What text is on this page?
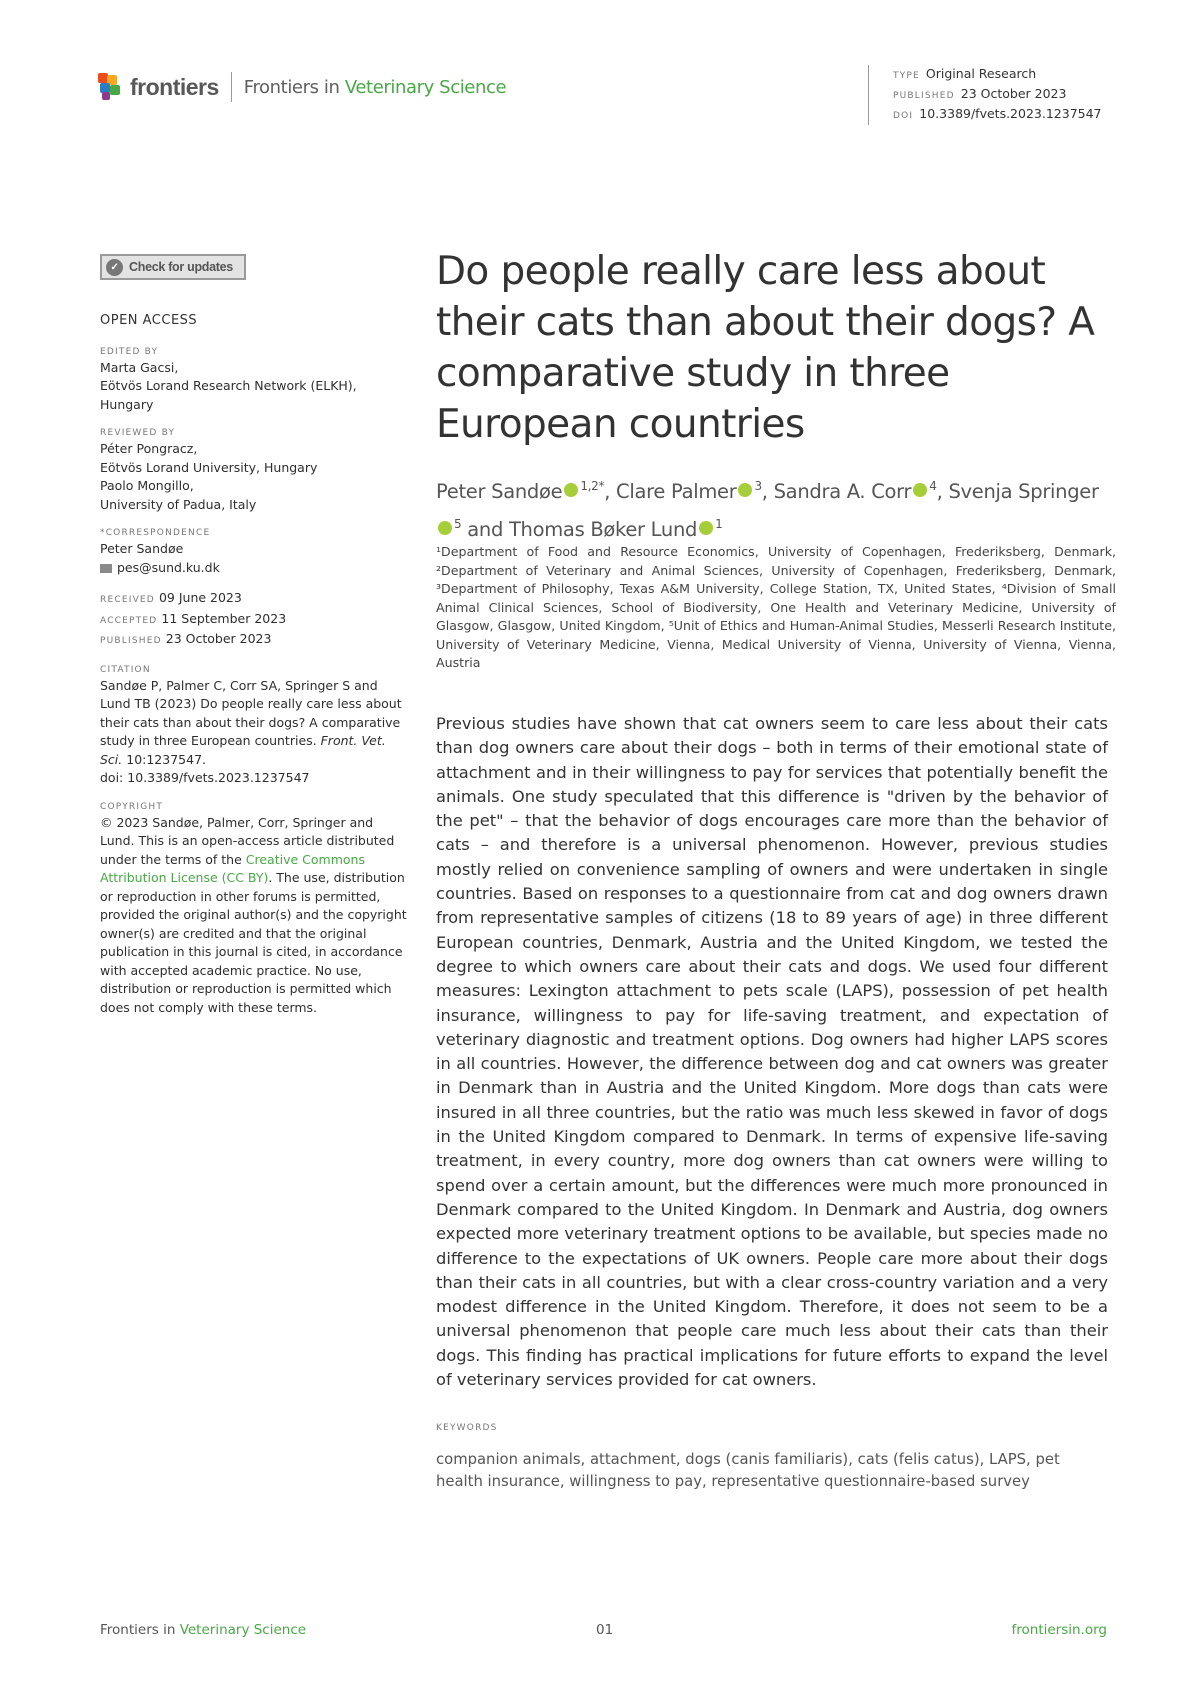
frontiers Frontiers in Veterinary Science
TYPE Original Research
PUBLISHED 23 October 2023
DOI 10.3389/fvets.2023.1237547
✓ Check for updates
OPEN ACCESS
EDITED BY
Marta Gacsi,
Eötvös Lorand Research Network (ELKH),
Hungary
REVIEWED BY
Péter Pongracz,
Eötvös Lorand University, Hungary
Paolo Mongillo,
University of Padua, Italy
*CORRESPONDENCE
Peter Sandøe
pes@sund.ku.dk
RECEIVED 09 June 2023
ACCEPTED 11 September 2023
PUBLISHED 23 October 2023
CITATION
Sandøe P, Palmer C, Corr SA, Springer S and Lund TB (2023) Do people really care less about their cats than about their dogs? A comparative study in three European countries. Front. Vet. Sci. 10:1237547.
doi: 10.3389/fvets.2023.1237547
COPYRIGHT
© 2023 Sandøe, Palmer, Corr, Springer and Lund. This is an open-access article distributed under the terms of the Creative Commons Attribution License (CC BY). The use, distribution or reproduction in other forums is permitted, provided the original author(s) and the copyright owner(s) are credited and that the original publication in this journal is cited, in accordance with accepted academic practice. No use, distribution or reproduction is permitted which does not comply with these terms.
Do people really care less about their cats than about their dogs? A comparative study in three European countries
Peter Sandøe $^{1,2*}$, Clare Palmer $^3$, Sandra A. Corr $^4$, Svenja Springer$^5$ and Thomas Bøker Lund $^1$
¹Department of Food and Resource Economics, University of Copenhagen, Frederiksberg, Denmark, ²Department of Veterinary and Animal Sciences, University of Copenhagen, Frederiksberg, Denmark, ³Department of Philosophy, Texas A&M University, College Station, TX, United States, ⁴Division of Small Animal Clinical Sciences, School of Biodiversity, One Health and Veterinary Medicine, University of Glasgow, Glasgow, United Kingdom, ⁵Unit of Ethics and Human-Animal Studies, Messerli Research Institute, University of Veterinary Medicine, Vienna, Medical University of Vienna, University of Vienna, Vienna, Austria

Previous studies have shown that cat owners seem to care less about their cats than dog owners care about their dogs – both in terms of their emotional state of attachment and in their willingness to pay for services that potentially benefit the animals. One study speculated that this difference is "driven by the behavior of the pet" – that the behavior of dogs encourages care more than the behavior of cats – and therefore is a universal phenomenon. However, previous studies mostly relied on convenience sampling of owners and were undertaken in single countries. Based on responses to a questionnaire from cat and dog owners drawn from representative samples of citizens (18 to 89 years of age) in three different European countries, Denmark, Austria and the United Kingdom, we tested the degree to which owners care about their cats and dogs. We used four different measures: Lexington attachment to pets scale (LAPS), possession of pet health insurance, willingness to pay for life-saving treatment, and expectation of veterinary diagnostic and treatment options. Dog owners had higher LAPS scores in all countries. However, the difference between dog and cat owners was greater in Denmark than in Austria and the United Kingdom. More dogs than cats were insured in all three countries, but the ratio was much less skewed in favor of dogs in the United Kingdom compared to Denmark. In terms of expensive life-saving treatment, in every country, more dog owners than cat owners were willing to spend over a certain amount, but the differences were much more pronounced in Denmark compared to the United Kingdom. In Denmark and Austria, dog owners expected more veterinary treatment options to be available, but species made no difference to the expectations of UK owners. People care more about their dogs than their cats in all countries, but with a clear cross-country variation and a very modest difference in the United Kingdom. Therefore, it does not seem to be a universal phenomenon that people care much less about their cats than their dogs. This finding has practical implications for future efforts to expand the level of veterinary services provided for cat owners.

KEYWORDS
companion animals, attachment, dogs (canis familiaris), cats (felis catus), LAPS, pet health insurance, willingness to pay, representative questionnaire-based survey
Frontiers in Veterinary Science	01	frontiersin.org
